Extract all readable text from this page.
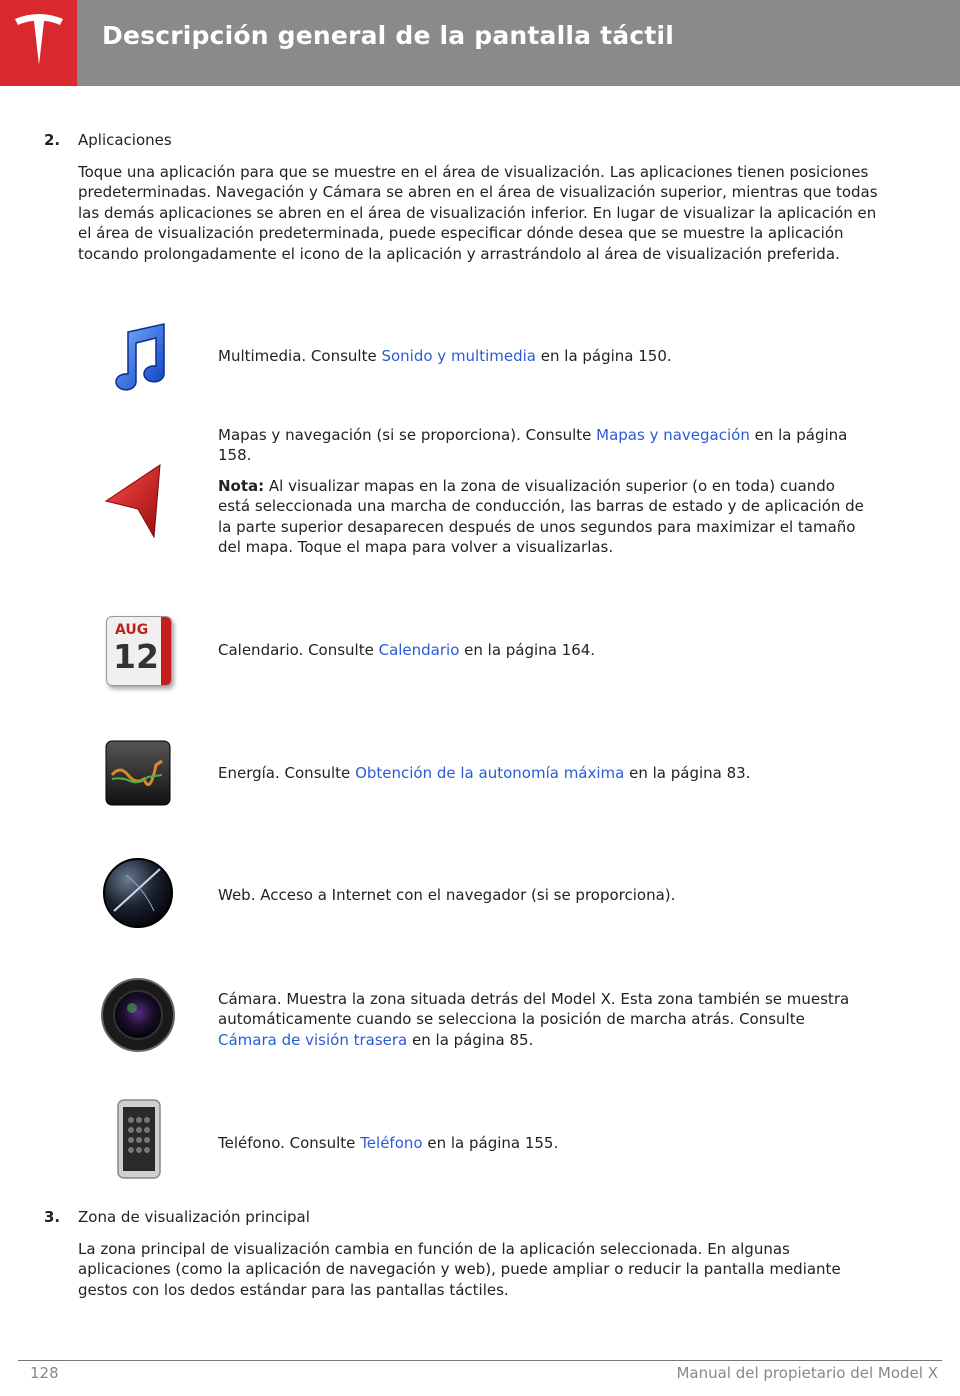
Descripción general de la pantalla táctil
2. Aplicaciones
Toque una aplicación para que se muestre en el área de visualización. Las aplicaciones tienen posiciones predeterminadas. Navegación y Cámara se abren en el área de visualización superior, mientras que todas las demás aplicaciones se abren en el área de visualización inferior. En lugar de visualizar la aplicación en el área de visualización predeterminada, puede especificar dónde desea que se muestre la aplicación tocando prolongadamente el icono de la aplicación y arrastrándolo al área de visualización preferida.
Multimedia. Consulte Sonido y multimedia en la página 150.

Mapas y navegación (si se proporciona). Consulte Mapas y navegación en la página 158.

Nota: Al visualizar mapas en la zona de visualización superior (o en toda) cuando está seleccionada una marcha de conducción, las barras de estado y de aplicación de la parte superior desaparecen después de unos segundos para maximizar el tamaño del mapa. Toque el mapa para volver a visualizarlas.

AUG
12	Calendario. Consulte Calendario en la página 164.
Energía. Consulte Obtención de la autonomía máxima en la página 83.
Web. Acceso a Internet con el navegador (si se proporciona).
Cámara. Muestra la zona situada detrás del Model X. Esta zona también se muestra automáticamente cuando se selecciona la posición de marcha atrás. Consulte Cámara de visión trasera en la página 85.
Teléfono. Consulte Teléfono en la página 155.
3. Zona de visualización principal
La zona principal de visualización cambia en función de la aplicación seleccionada. En algunas aplicaciones (como la aplicación de navegación y web), puede ampliar o reducir la pantalla mediante gestos con los dedos estándar para las pantallas táctiles.
128	Manual del propietario del Model X
